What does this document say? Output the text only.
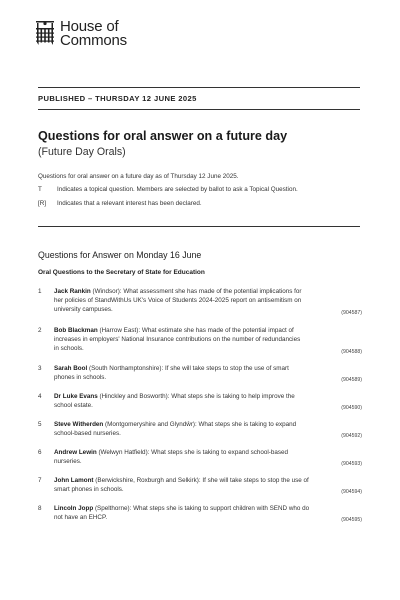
House of
Commons
PUBLISHED – THURSDAY 12 JUNE 2025
Questions for oral answer on a future day
(Future Day Orals)
Questions for oral answer on a future day as of Thursday 12 June 2025.
T	Indicates a topical question. Members are selected by ballot to ask a Topical Question.
[R]	Indicates that a relevant interest has been declared.
Questions for Answer on Monday 16 June
Oral Questions to the Secretary of State for Education
1	Jack Rankin (Windsor): What assessment she has made of the potential implications for
her policies of StandWithUs UK's Voice of Students 2024-2025 report on antisemitism on
university campuses.	(904587)
2	Bob Blackman (Harrow East): What estimate she has made of the potential impact of
increases in employers' National Insurance contributions on the number of redundancies
in schools.	(904588)
3	Sarah Bool (South Northamptonshire): If she will take steps to stop the use of smart
phones in schools.	(904589)
4	Dr Luke Evans (Hinckley and Bosworth): What steps she is taking to help improve the
school estate.	(904590)
5	Steve Witherden (Montgomeryshire and Glyndŵr): What steps she is taking to expand
school-based nurseries.	(904592)
6	Andrew Lewin (Welwyn Hatfield): What steps she is taking to expand school-based
nurseries.	(904593)
7	John Lamont (Berwickshire, Roxburgh and Selkirk): If she will take steps to stop the use of
smart phones in schools.	(904594)
8	Lincoln Jopp (Spelthorne): What steps she is taking to support children with SEND who do
not have an EHCP.	(904595)
